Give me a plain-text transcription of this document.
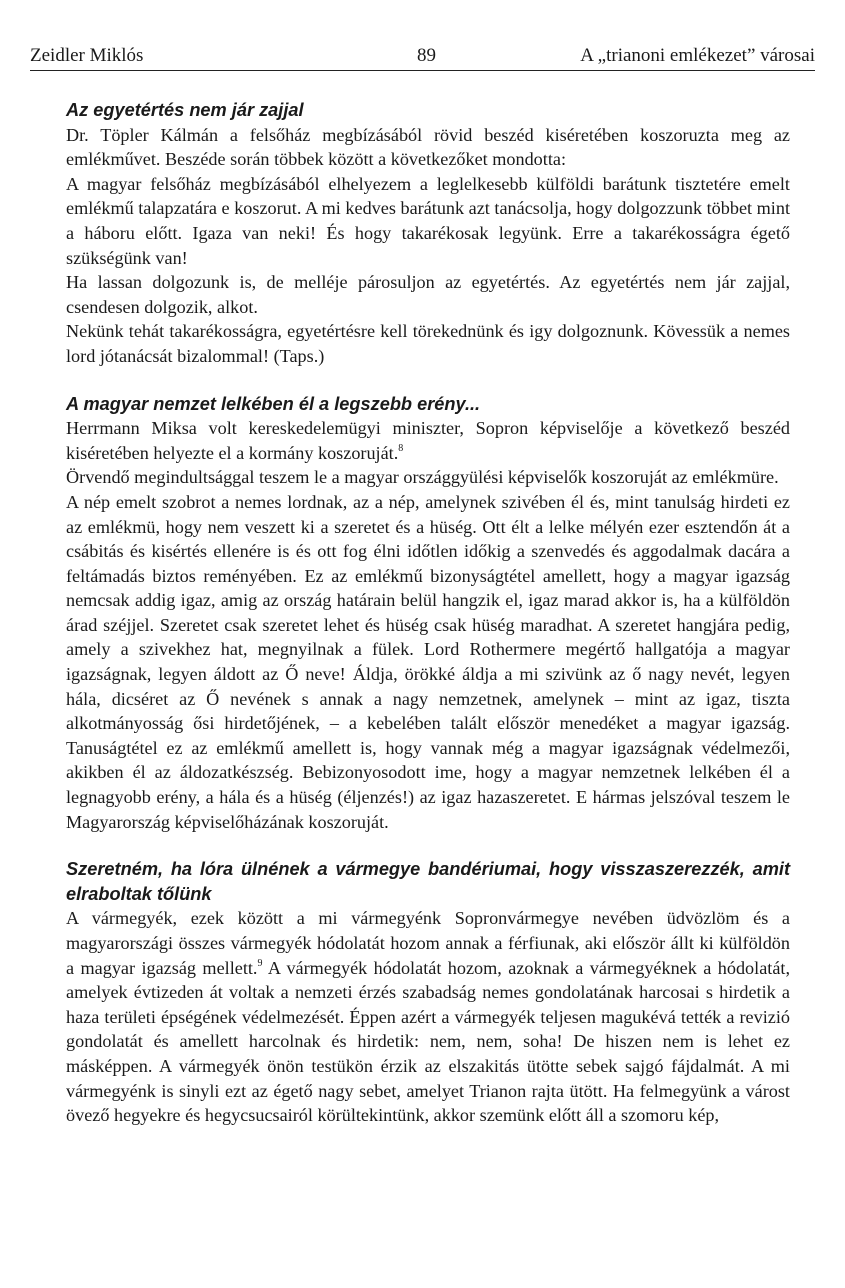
Zeidler Miklós	89	A „trianoni emlékezet” városai
Az egyetértés nem jár zajjal

Dr. Töpler Kálmán a felsőház megbízásából rövid beszéd kiséretében koszoruzta meg az emlékművet. Beszéde során többek között a következőket mondotta:

A magyar felsőház megbízásából elhelyezem a leglelkesebb külföldi barátunk tisztetére emelt emlékmű talapzatára e koszorut. A mi kedves barátunk azt tanácsolja, hogy dolgozzunk többet mint a háboru előtt. Igaza van neki! És hogy takarékosak legyünk. Erre a takarékosságra égető szükségünk van!

Ha lassan dolgozunk is, de melléje párosuljon az egyetértés. Az egyetértés nem jár zajjal, csendesen dolgozik, alkot.

Nekünk tehát takarékosságra, egyetértésre kell törekednünk és igy dolgoznunk. Kövessük a nemes lord jótanácsát bizalommal! (Taps.)

A magyar nemzet lelkében él a legszebb erény...

Herrmann Miksa volt kereskedelemügyi miniszter, Sopron képviselője a következő beszéd kiséretében helyezte el a kormány koszoruját.$^8$

Örvendő megindultsággal teszem le a magyar országgyülési képviselők koszoruját az emlékmüre.

A nép emelt szobrot a nemes lordnak, az a nép, amelynek szivében él és, mint tanulság hirdeti ez az emlékmü, hogy nem veszett ki a szeretet és a hüség. Ott élt a lelke mélyén ezer esztendőn át a csábitás és kisértés ellenére is és ott fog élni időtlen időkig a szenvedés és aggodalmak dacára a feltámadás biztos reményében. Ez az emlékmű bizonyságtétel amellett, hogy a magyar igazság nemcsak addig igaz, amig az ország határain belül hangzik el, igaz marad akkor is, ha a külföldön árad széjjel. Szeretet csak szeretet lehet és hüség csak hüség maradhat. A szeretet hangjára pedig, amely a szivekhez hat, megnyilnak a fülek. Lord Rothermere megértő hallgatója a magyar igazságnak, legyen áldott az Ő neve! Áldja, örökké áldja a mi szivünk az ő nagy nevét, legyen hála, dicséret az Ő nevének s annak a nagy nemzetnek, amelynek – mint az igaz, tiszta alkotmányosság ősi hirdetőjének, – a kebelében talált először menedéket a magyar igazság. Tanuságtétel ez az emlékmű amellett is, hogy vannak még a magyar igazságnak védelmezői, akikben él az áldozatkészség. Bebizonyosodott ime, hogy a magyar nemzetnek lelkében él a legnagyobb erény, a hála és a hüség (éljenzés!) az igaz hazaszeretet. E hármas jelszóval teszem le Magyarország képviselőházának koszoruját.

Szeretném, ha lóra ülnének a vármegye bandériumai, hogy visszaszerezzék, amit elraboltak tőlünk

A vármegyék, ezek között a mi vármegyénk Sopronvármegye nevében üdvözlöm és a magyarországi összes vármegyék hódolatát hozom annak a férfiunak, aki először állt ki külföldön a magyar igazság mellett.$^9$ A vármegyék hódolatát hozom, azoknak a vármegyéknek a hódolatát, amelyek évtizeden át voltak a nemzeti érzés szabadság nemes gondolatának harcosai s hirdetik a haza területi épségének védelmezését. Éppen azért a vármegyék teljesen magukévá tették a revizió gondolatát és amellett harcolnak és hirdetik: nem, nem, soha! De hiszen nem is lehet ez másképpen. A vármegyék önön testükön érzik az elszakitás ütötte sebek sajgó fájdalmát. A mi vármegyénk is sinyli ezt az égető nagy sebet, amelyet Trianon rajta ütött. Ha felmegyünk a várost övező hegyekre és hegycsucsairól körültekintünk, akkor szemünk előtt áll a szomoru kép,
